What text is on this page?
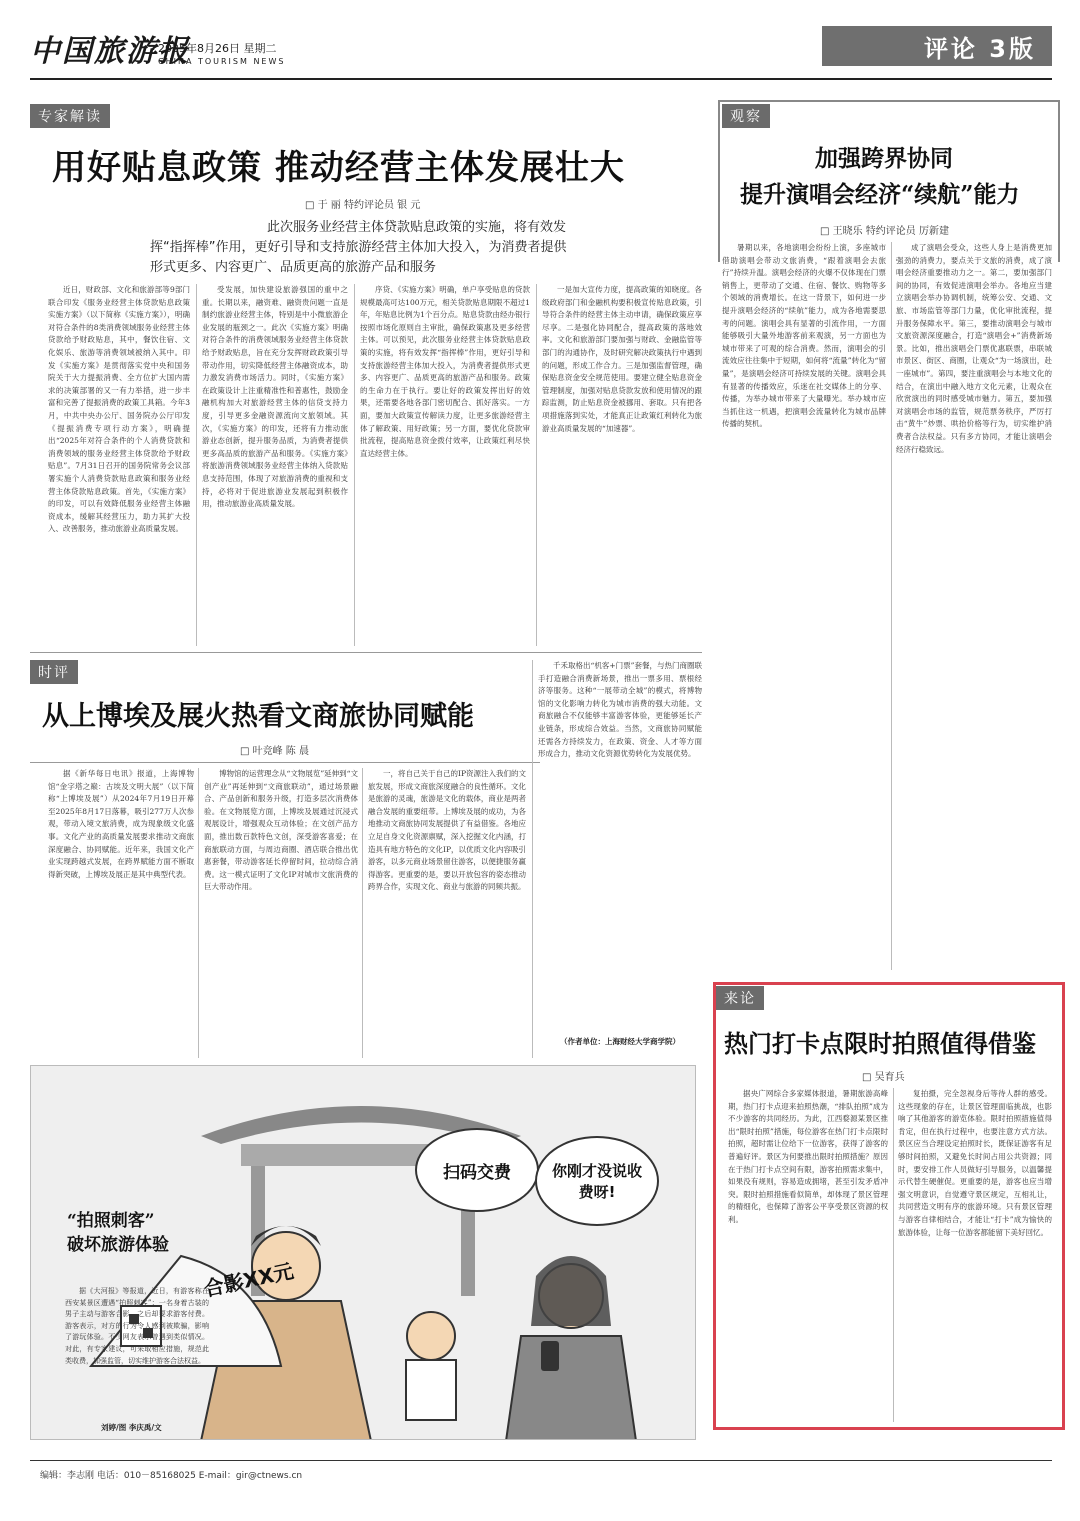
中国旅游报
2025年8月26日 星期二
CHINA TOURISM NEWS	评论 3版
专家解读
用好贴息政策 推动经营主体发展壮大
□ 于 丽 特约评论员 银 元
此次服务业经营主体贷款贴息政策的实施，将有效发挥“指挥棒”作用，更好引导和支持旅游经营主体加大投入，为消费者提供形式更多、内容更广、品质更高的旅游产品和服务

近日，财政部、文化和旅游部等9部门联合印发《服务业经营主体贷款贴息政策实施方案》（以下简称《实施方案》），明确对符合条件的8类消费领域服务业经营主体贷款给予财政贴息，其中，餐饮住宿、文化娱乐、旅游等消费领域被纳入其中。印发《实施方案》是贯彻落实党中央和国务院关于大力提振消费、全方位扩大国内需求的决策部署的又一有力举措，进一步丰富和完善了提振消费的政策工具箱。今年3月，中共中央办公厅、国务院办公厅印发《提振消费专项行动方案》，明确提出“2025年对符合条件的个人消费贷款和消费领域的服务业经营主体贷款给予财政贴息”。7月31日召开的国务院常务会议部署实施个人消费贷款贴息政策和服务业经营主体贷款贴息政策。首先，《实施方案》的印发，可以有效降低服务业经营主体融资成本，缓解其经营压力，助力其扩大投入、改善服务，推动旅游业高质量发展。

受发展，加快建设旅游强国的重中之重。长期以来，融资难、融资贵问题一直是制约旅游业经营主体，特别是中小微旅游企业发展的瓶颈之一。此次《实施方案》明确对符合条件的消费领域服务业经营主体贷款给予财政贴息，旨在充分发挥财政政策引导带动作用，切实降低经营主体融资成本，助力激发消费市场活力。同时，《实施方案》在政策设计上注重精准性和普惠性，鼓励金融机构加大对旅游经营主体的信贷支持力度，引导更多金融资源流向文旅领域。其次，《实施方案》的印发，还将有力推动旅游业态创新，提升服务品质，为消费者提供更多高品质的旅游产品和服务。《实施方案》将旅游消费领域服务业经营主体纳入贷款贴息支持范围，体现了对旅游消费的重视和支持，必将对于促进旅游业发展起到积极作用，推动旅游业高质量发展。

序贷、《实施方案》明确，单户享受贴息的贷款规模最高可达100万元，相关贷款贴息期限不超过1年，年贴息比例为1个百分点。贴息贷款由经办银行按照市场化原则自主审批，确保政策惠及更多经营主体。可以预见，此次服务业经营主体贷款贴息政策的实施，将有效发挥“指挥棒”作用，更好引导和支持旅游经营主体加大投入，为消费者提供形式更多、内容更广、品质更高的旅游产品和服务。政策的生命力在于执行。要让好的政策发挥出好的效果，还需要各地各部门密切配合、抓好落实。一方面，要加大政策宣传解读力度，让更多旅游经营主体了解政策、用好政策；另一方面，要优化贷款审批流程，提高贴息资金拨付效率，让政策红利尽快直达经营主体。

一是加大宣传力度，提高政策的知晓度。各级政府部门和金融机构要积极宣传贴息政策，引导符合条件的经营主体主动申请，确保政策应享尽享。二是强化协同配合，提高政策的落地效率。文化和旅游部门要加强与财政、金融监管等部门的沟通协作，及时研究解决政策执行中遇到的问题，形成工作合力。三是加强监督管理，确保贴息资金安全规范使用。要建立健全贴息资金管理制度，加强对贴息贷款发放和使用情况的跟踪监测，防止贴息资金被挪用、套取。只有把各项措施落到实处，才能真正让政策红利转化为旅游业高质量发展的“加速器”。

观察
加强跨界协同
提升演唱会经济“续航”能力
□ 王晓乐 特约评论员 厉新建

暑期以来，各地演唱会纷纷上演，多座城市借助演唱会带动文旅消费，“跟着演唱会去旅行”持续升温。演唱会经济的火爆不仅体现在门票销售上，更带动了交通、住宿、餐饮、购物等多个领域的消费增长。在这一背景下，如何进一步提升演唱会经济的“续航”能力，成为各地需要思考的问题。演唱会具有显著的引流作用，一方面能够吸引大量外地游客前来观演，另一方面也为城市带来了可观的综合消费。然而，演唱会的引流效应往往集中于短期，如何将“流量”转化为“留量”，是演唱会经济可持续发展的关键。演唱会具有显著的传播效应，乐迷在社交媒体上的分享、传播，为举办城市带来了大量曝光。举办城市应当抓住这一机遇，把演唱会流量转化为城市品牌传播的契机。

成了演唱会受众，这些人身上是消费更加强劲的消费力，要点关于文旅的消费，成了演唱会经济重要推动力之一。第二，要加强部门间的协同，有效促进演唱会举办。各地应当建立演唱会举办协调机制，统筹公安、交通、文旅、市场监管等部门力量，优化审批流程，提升服务保障水平。第三，要推动演唱会与城市文旅资源深度融合，打造“演唱会+”消费新场景。比如，推出演唱会门票优惠联票，串联城市景区、街区、商圈，让观众“为一场演出，赴一座城市”。第四，要注重演唱会与本地文化的结合，在演出中融入地方文化元素，让观众在欣赏演出的同时感受城市魅力。第五，要加强对演唱会市场的监管，规范票务秩序，严厉打击“黄牛”炒票、哄抬价格等行为，切实维护消费者合法权益。只有多方协同，才能让演唱会经济行稳致远。

时评
从上博埃及展火热看文商旅协同赋能
□ 叶竞峰 陈 晨

据《新华每日电讯》报道，上海博物馆“金字塔之巅：古埃及文明大展”（以下简称“上博埃及展”）从2024年7月19日开幕至2025年8月17日落幕，吸引277万人次参观，带动入境文旅消费，成为现象级文化盛事。文化产业的高质量发展要求推动文商旅深度融合、协同赋能。近年来，我国文化产业实现跨越式发展，在跨界赋能方面不断取得新突破，上博埃及展正是其中典型代表。

博物馆的运营理念从“文物展览”延伸到“文创产业”再延伸到“文商旅联动”，通过场景融合、产品创新和服务升级，打造多层次消费体验。在文物展览方面，上博埃及展通过沉浸式观展设计，增强观众互动体验；在文创产品方面，推出数百款特色文创，深受游客喜爱；在商旅联动方面，与周边商圈、酒店联合推出优惠套餐，带动游客延长停留时间，拉动综合消费。这一模式证明了文化IP对城市文旅消费的巨大带动作用。

一，将自己关于自己的IP资源注入我们的文旅发展，形成文商旅深度融合的良性循环。文化是旅游的灵魂，旅游是文化的载体，商业是两者融合发展的重要纽带。上博埃及展的成功，为各地推动文商旅协同发展提供了有益借鉴。各地应立足自身文化资源禀赋，深入挖掘文化内涵，打造具有地方特色的文化IP，以优质文化内容吸引游客，以多元商业场景留住游客，以便捷服务赢得游客。更重要的是，要以开放包容的姿态推动跨界合作，实现文化、商业与旅游的同频共振。

千禾取格出“机客+门票”套餐，与热门商圈联手打造融合消费新场景，推出一票多用、票根经济等服务。这种“一展带动全城”的模式，将博物馆的文化影响力转化为城市消费的强大动能。文商旅融合不仅能够丰富游客体验，更能够延长产业链条，形成综合效益。当然，文商旅协同赋能还需各方持续发力，在政策、资金、人才等方面形成合力，推动文化资源优势转化为发展优势。

（作者单位：上海财经大学商学院）
扫码交费	你刚才没说收费呀!
合影XX元
“拍照刺客”
破坏旅游体验

据《大河报》等报道，近日，有游客称在西安某景区遭遇“拍照刺客”：一名身着古装的男子主动与游客合影，之后却要求游客付费。游客表示，对方的行为令人感到被欺骗，影响了游玩体验。不少网友表示曾遇到类似情况。对此，有专家建议，可采取相应措施，规范此类收费，加强监管，切实维护游客合法权益。

刘婷/图 李庆禹/文
来论
热门打卡点限时拍照值得借鉴
□ 吴育兵

据央广网综合多家媒体报道，暑期旅游高峰期，热门打卡点迎来拍照热潮，“排队拍照”成为不少游客的共同经历。为此，江西婺源某景区推出“限时拍照”措施，每位游客在热门打卡点限时拍照，超时需让位给下一位游客，获得了游客的普遍好评。景区为何要推出限时拍照措施？原因在于热门打卡点空间有限，游客拍照需求集中，如果没有规则，容易造成拥堵，甚至引发矛盾冲突。限时拍照措施看似简单，却体现了景区管理的精细化，也保障了游客公平享受景区资源的权利。

复拍摄，完全忽视身后等待人群的感受。这些现象的存在，让景区管理面临挑战，也影响了其他游客的游览体验。限时拍照措施值得肯定，但在执行过程中，也要注意方式方法。景区应当合理设定拍照时长，既保证游客有足够时间拍照，又避免长时间占用公共资源；同时，要安排工作人员做好引导服务，以温馨提示代替生硬催促。更重要的是，游客也应当增强文明意识，自觉遵守景区规定，互相礼让，共同营造文明有序的旅游环境。只有景区管理与游客自律相结合，才能让“打卡”成为愉快的旅游体验，让每一位游客都能留下美好回忆。

编辑：李志刚 电话：010－85168025 E-mail：gir@ctnews.cn
